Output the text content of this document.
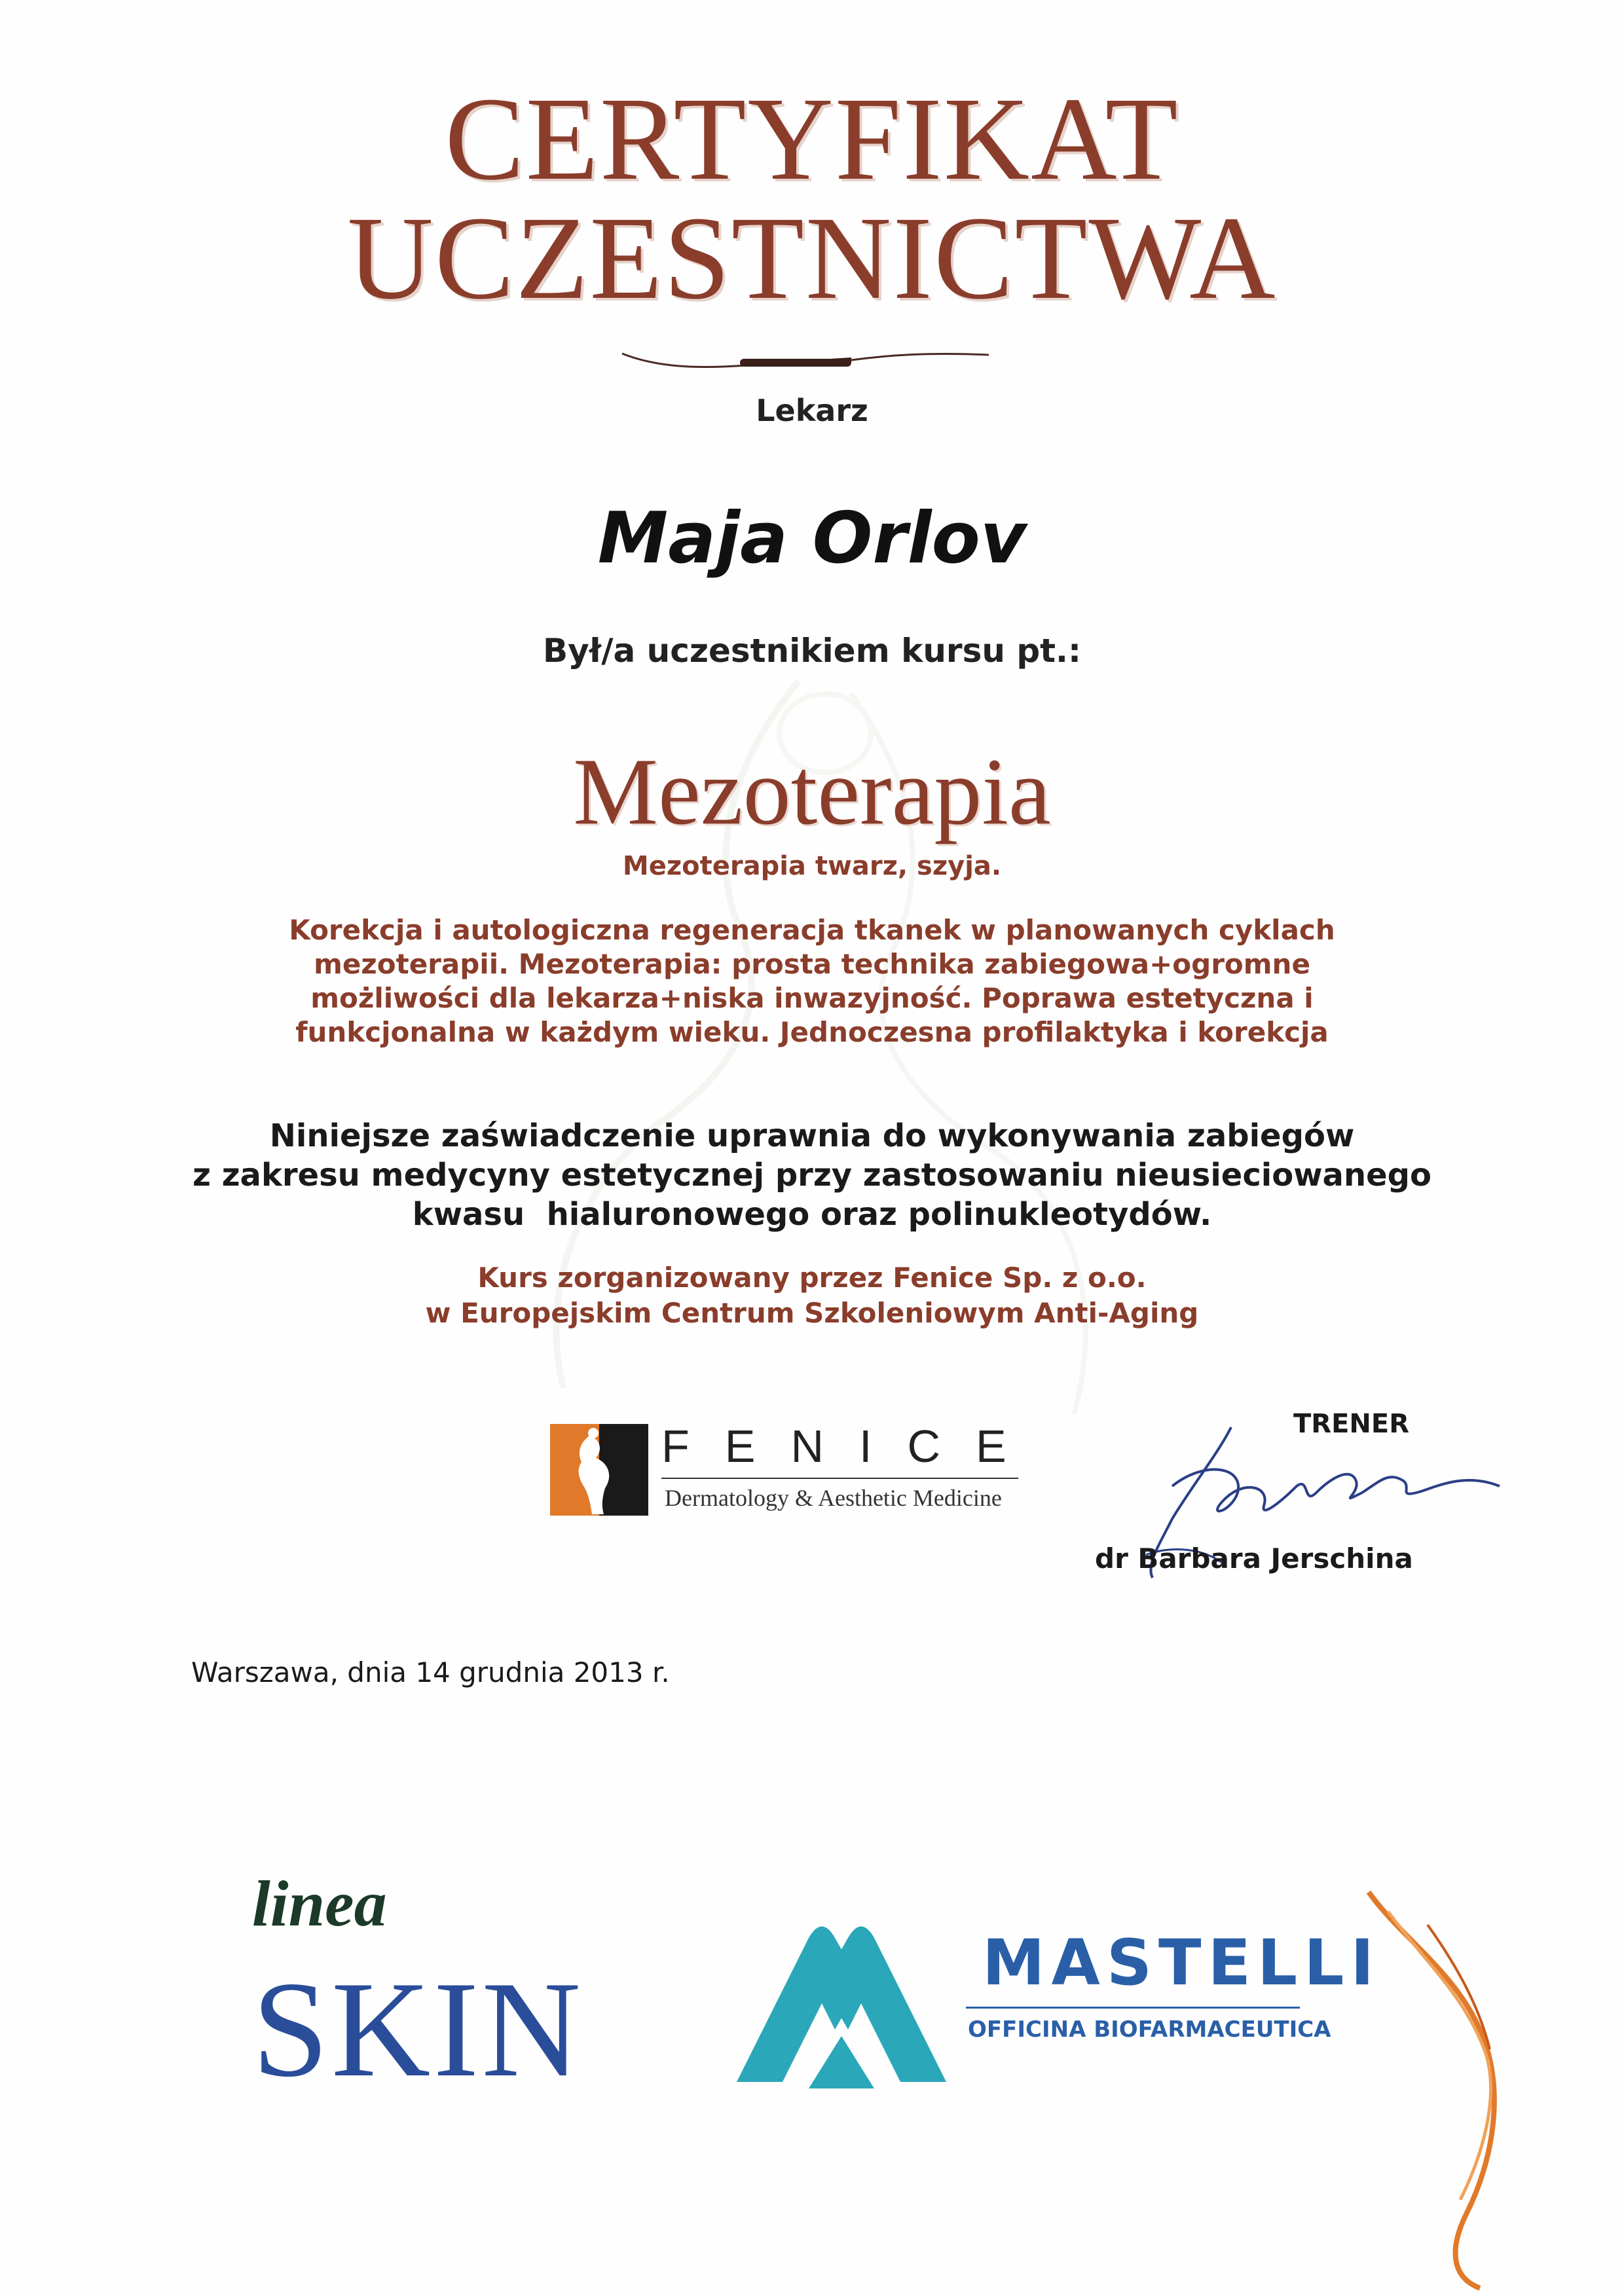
CERTYFIKAT
UCZESTNICTWA
Lekarz
Maja Orlov
Był/a uczestnikiem kursu pt.:
Mezoterapia
Mezoterapia twarz, szyja.
Korekcja i autologiczna regeneracja tkanek w planowanych cyklach
mezoterapii. Mezoterapia: prosta technika zabiegowa+ogromne
możliwości dla lekarza+niska inwazyjność. Poprawa estetyczna i
funkcjonalna w każdym wieku. Jednoczesna profilaktyka i korekcja
Niniejsze zaświadczenie uprawnia do wykonywania zabiegów
z zakresu medycyny estetycznej przy zastosowaniu nieusieciowanego
kwasu  hialuronowego oraz polinukleotydów.
Kurs zorganizowany przez Fenice Sp. z o.o.
w Europejskim Centrum Szkoleniowym Anti-Aging
FENICE
Dermatology & Aesthetic Medicine
TRENER
dr Barbara Jerschina
Warszawa, dnia 14 grudnia 2013 r.
linea
SKIN	MASTELLI
OFFICINA BIOFARMACEUTICA
